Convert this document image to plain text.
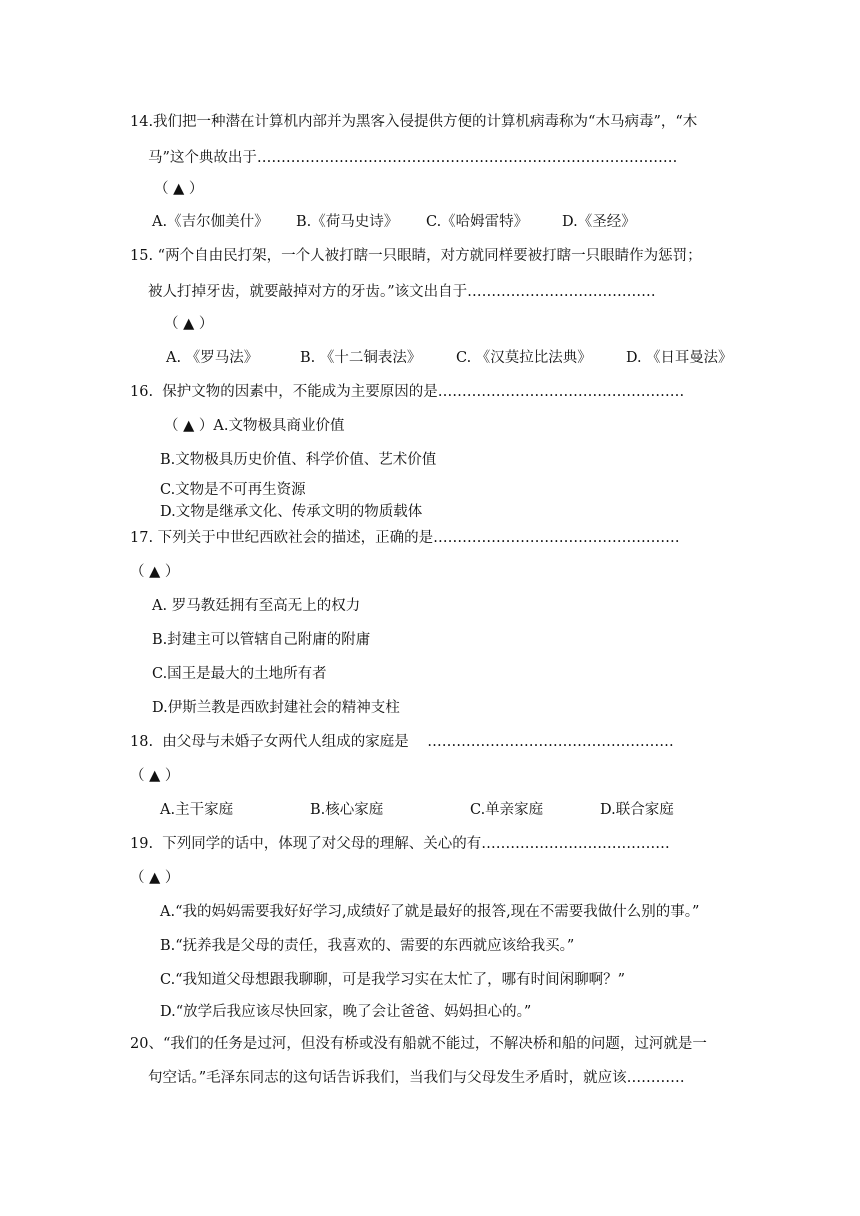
14.我们把一种潜在计算机内部并为黑客入侵提供方便的计算机病毒称为“木马病毒”，“木
马”这个典故出于……………………………………………………………………………
（ ▲ ）
A.《吉尔伽美什》 B.《荷马史诗》 C.《哈姆雷特》 D.《圣经》
15. “两个自由民打架，一个人被打瞎一只眼睛，对方就同样要被打瞎一只眼睛作为惩罚；
被人打掉牙齿，就要敲掉对方的牙齿。”该文出自于…………………………………
（ ▲ ）
A. 《罗马法》	B. 《十二铜表法》 C. 《汉莫拉比法典》 D. 《日耳曼法》
16.  保护文物的因素中，不能成为主要原因的是……………………………………………
（ ▲ ）A.文物极具商业价值
B.文物极具历史价值、科学价值、艺术价值
C.文物是不可再生资源
D.文物是继承文化、传承文明的物质载体
17. 下列关于中世纪西欧社会的描述，正确的是……………………………………………
（ ▲ ）
A. 罗马教廷拥有至高无上的权力
B.封建主可以管辖自己附庸的附庸
C.国王是最大的土地所有者
D.伊斯兰教是西欧封建社会的精神支柱
18.  由父母与未婚子女两代人组成的家庭是    ……………………………………………
（ ▲ ）
A.主干家庭	B.核心家庭	C.单亲家庭	D.联合家庭
19.  下列同学的话中，体现了对父母的理解、关心的有…………………………………
（ ▲ ）
A.“我的妈妈需要我好好学习,成绩好了就是最好的报答,现在不需要我做什么别的事。”
B.“抚养我是父母的责任，我喜欢的、需要的东西就应该给我买。”
C.“我知道父母想跟我聊聊，可是我学习实在太忙了，哪有时间闲聊啊？”
D.“放学后我应该尽快回家，晚了会让爸爸、妈妈担心的。”
20、“我们的任务是过河，但没有桥或没有船就不能过，不解决桥和船的问题，过河就是一
句空话。”毛泽东同志的这句话告诉我们，当我们与父母发生矛盾时，就应该…………
